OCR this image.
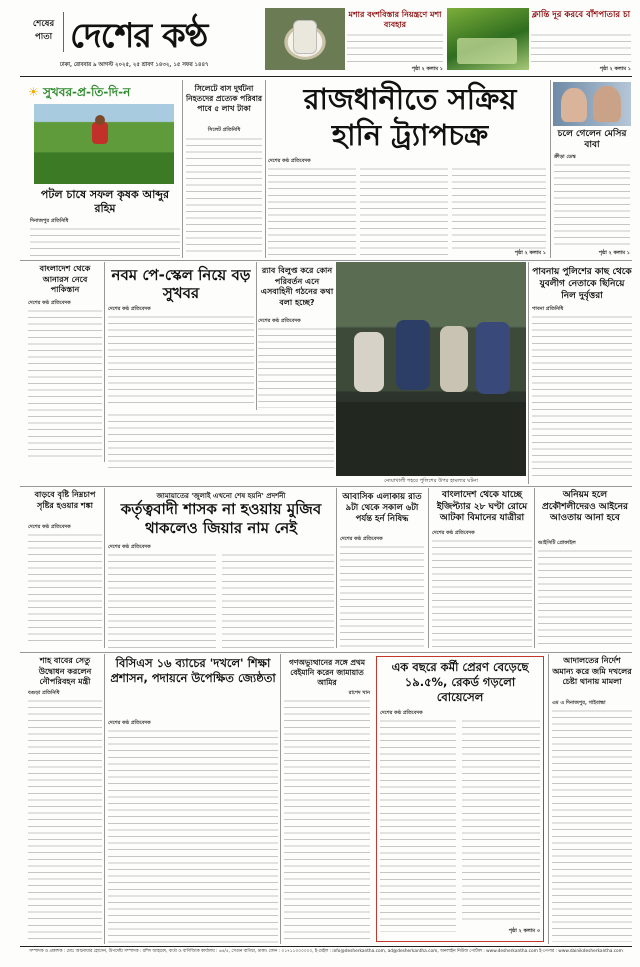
শেষের পাতা দেশের কণ্ঠ
ঢাকা, রোববার ৯ আগস্ট ২০২৫, ২৫ শ্রাবণ ১৪৩২, ১৫ সফর ১৪৪৭
মশার বংশবিস্তার নিয়ন্ত্রণে মশা ব্যবহার
পৃষ্ঠা ২ কলাম ১
ক্লান্তি দূর করবে বাঁশপাতার চা
পৃষ্ঠা ২ কলাম ১
☀ সুখবর-প্র-তি-দি-ন
পটল চাষে সফল কৃষক আব্দুর রহিম
দিনাজপুর প্রতিনিধি
সিলেটে বাস দুর্ঘটনা নিহতদের প্রত্যেক পরিবার পাবে ৫ লাখ টাকা
সিলেট প্রতিনিধি
রাজধানীতে সক্রিয়
হানি ট্র্যাপচক্র
দেশের কণ্ঠ প্রতিবেদক
পৃষ্ঠা ২ কলাম ১
চলে গেলেন মেসির বাবা
ক্রীড়া ডেস্ক
পৃষ্ঠা ২ কলাম ১
বাংলাদেশ থেকে আনারস নেবে পাকিস্তান
দেশের কণ্ঠ প্রতিবেদক
নবম পে-স্কেল নিয়ে বড় সুখবর
দেশের কণ্ঠ প্রতিবেদক
র‍্যাব বিলুপ্ত করে কোন পরিবর্তন এনে এসবাহিনী গঠনের কথা বলা হচ্ছে?
দেশের কণ্ঠ প্রতিবেদক
নোয়াখালী শহরে পুলিশের উপর হামলার ঘটনা
পাবনায় পুলিশের কাছ থেকে যুবলীগ নেতাকে ছিনিয়ে নিল দুর্বৃত্তরা
পাবনা প্রতিনিধি
বাড়বে বৃষ্টি নিম্নচাপ সৃষ্টির হওয়ার শঙ্কা
দেশের কণ্ঠ প্রতিবেদক
জামায়াতের 'জুলাই এখনো শেষ হয়নি' প্রদর্শনী
কর্তৃত্ববাদী শাসক না হওয়ায় মুজিব থাকলেও জিয়ার নাম নেই
দেশের কণ্ঠ প্রতিবেদক
আবাসিক এলাকায় রাত ৯টা থেকে সকাল ৬টা পর্যন্ত হর্ন নিষিদ্ধ
দেশের কণ্ঠ প্রতিবেদক
বাংলাদেশ থেকে যাচ্ছে ইজিপ্ট্যার ২৮ ঘণ্টা রোমে আটকা বিমানের যাত্রীরা
দেশের কণ্ঠ প্রতিবেদক
অনিয়ম হলে প্রকৌশলীদেরও আইনের আওতায় আনা হবে
আইসিটি প্রোফাইল
শাহ বাবের সেতু উদ্বোধন করলেন নৌপরিবহন মন্ত্রী
বগুড়া প্রতিনিধি
বিসিএস ১৬ ব্যাচের 'দখলে' শিক্ষা প্রশাসন, পদায়নে উপেক্ষিত জ্যেষ্ঠতা
দেশের কণ্ঠ প্রতিবেদক
গণঅভ্যুত্থানের সঙ্গে প্রথম বেইমানি করেন জামায়াত আমির
রাশেদ খান
এক বছরে কর্মী প্রেরণ বেড়েছে ১৯.৫%, রেকর্ড গড়লো বোয়েসেল
দেশের কণ্ঠ প্রতিবেদক
পৃষ্ঠা ২ কলাম ৩
আদালতের নির্দেশ অমান্য করে জমি দখলের চেষ্টা থানায় মামলা
এম এ দিনাজপুর, গাইবান্ধা
সম্পাদক ও প্রকাশক : মোঃ আনোয়ার হোসেন, উপদেষ্টা সম্পাদক : রশিদ আহমেদ, বার্তা ও বাণিজ্যিক কার্যালয় : ৬৫/৫, সেগুন বাগিচা, ঢাকা। ফোন : ০১৭১১০০০০০০, ই-মেইল : info@desherkantha.com, ad@desherkantha.com, অনলাইন নিউজ পোর্টাল : www.desherkantha.com ই-পেপার : www.dainikdesherkantha.com
